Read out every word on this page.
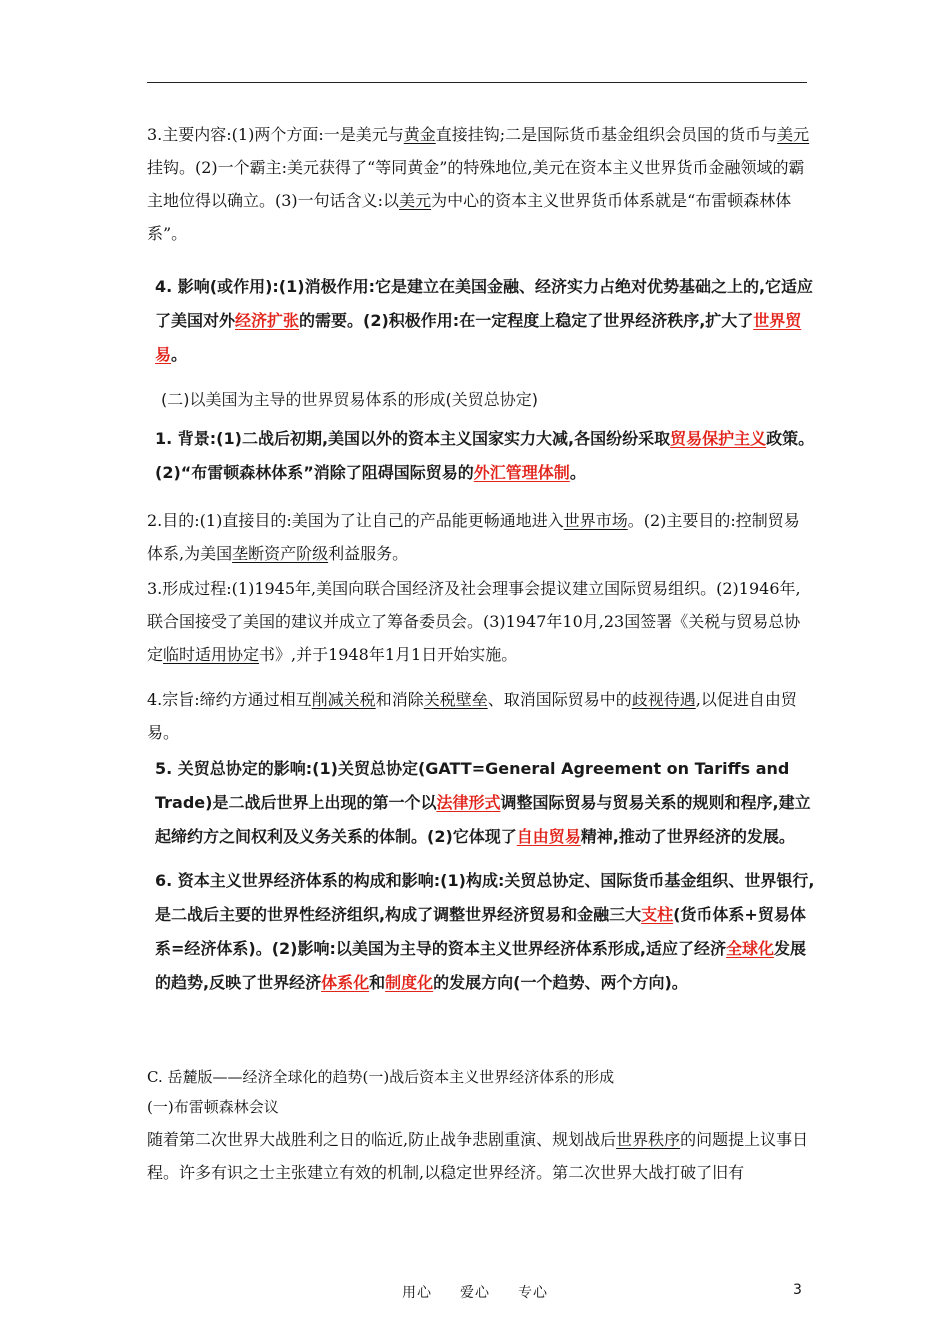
3.主要内容:(1)两个方面:一是美元与黄金直接挂钩;二是国际货币基金组织会员国的货币与美元挂钩。(2)一个霸主:美元获得了“等同黄金”的特殊地位,美元在资本主义世界货币金融领域的霸主地位得以确立。(3)一句话含义:以美元为中心的资本主义世界货币体系就是“布雷顿森林体系”。
4. 影响(或作用):(1)消极作用:它是建立在美国金融、经济实力占绝对优势基础之上的,它适应了美国对外经济扩张的需要。(2)积极作用:在一定程度上稳定了世界经济秩序,扩大了世界贸易。
(二)以美国为主导的世界贸易体系的形成(关贸总协定)
1. 背景:(1)二战后初期,美国以外的资本主义国家实力大减,各国纷纷采取贸易保护主义政策。(2)“布雷顿森林体系”消除了阻碍国际贸易的外汇管理体制。
2.目的:(1)直接目的:美国为了让自己的产品能更畅通地进入世界市场。(2)主要目的:控制贸易体系,为美国垄断资产阶级利益服务。
3.形成过程:(1)1945年,美国向联合国经济及社会理事会提议建立国际贸易组织。(2)1946年,联合国接受了美国的建议并成立了筹备委员会。(3)1947年10月,23国签署《关税与贸易总协定临时适用协定书》,并于1948年1月1日开始实施。
4.宗旨:缔约方通过相互削减关税和消除关税壁垒、取消国际贸易中的歧视待遇,以促进自由贸易。
5. 关贸总协定的影响:(1)关贸总协定(GATT=General Agreement on Tariffs and Trade)是二战后世界上出现的第一个以法律形式调整国际贸易与贸易关系的规则和程序,建立起缔约方之间权利及义务关系的体制。(2)它体现了自由贸易精神,推动了世界经济的发展。
6. 资本主义世界经济体系的构成和影响:(1)构成:关贸总协定、国际货币基金组织、世界银行,是二战后主要的世界性经济组织,构成了调整世界经济贸易和金融三大支柱(货币体系+贸易体系=经济体系)。(2)影响:以美国为主导的资本主义世界经济体系形成,适应了经济全球化发展的趋势,反映了世界经济体系化和制度化的发展方向(一个趋势、两个方向)。
C. 岳麓版——经济全球化的趋势(一)战后资本主义世界经济体系的形成
(一)布雷顿森林会议
随着第二次世界大战胜利之日的临近,防止战争悲剧重演、规划战后世界秩序的问题提上议事日程。许多有识之士主张建立有效的机制,以稳定世界经济。第二次世界大战打破了旧有
用心 爱心 专心	3
